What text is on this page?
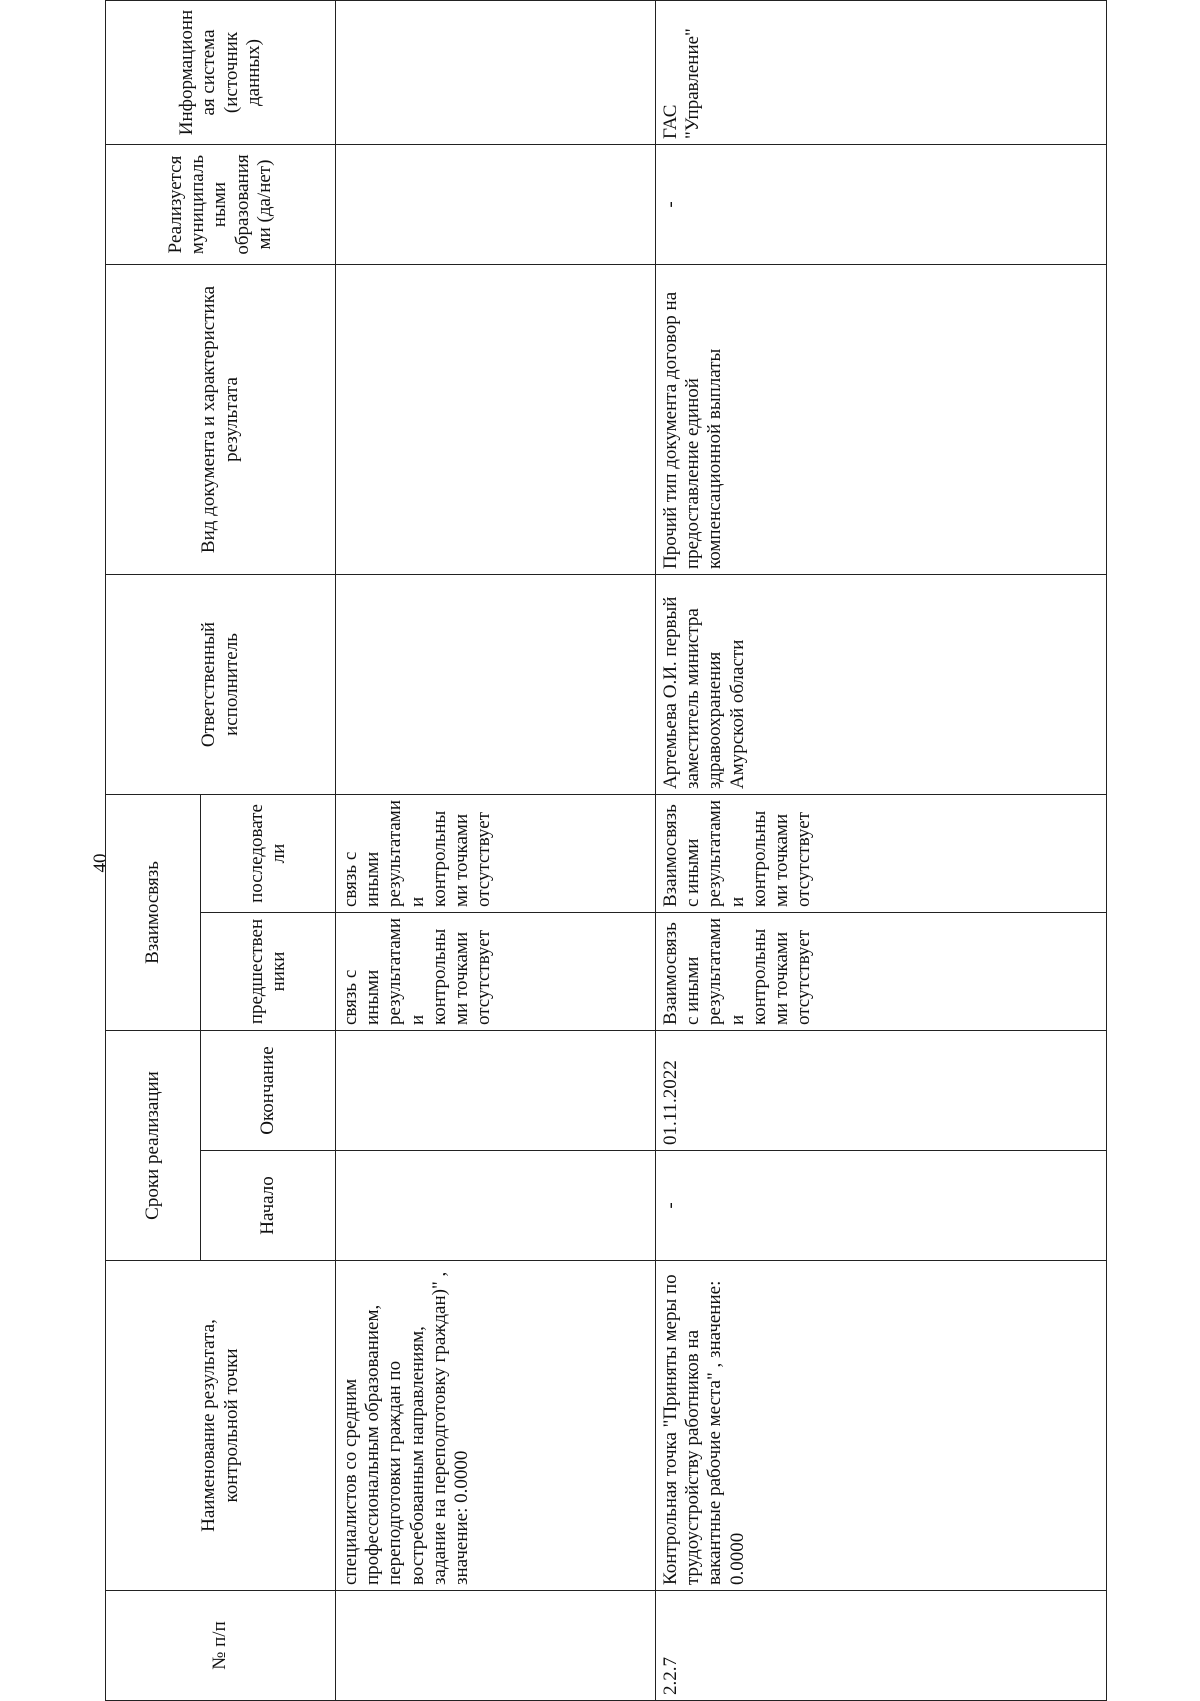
40
№ п/п	Наименование результата, контрольной точки	Сроки реализации		Взаимосвязь		Ответственный исполнитель	Вид документа и характеристика результата	Реализуется муниципальными образованиями (да/нет)	Информационная система (источник данных)
		Начало	Окончание	предшественники	последователи				
	специалистов со средним профессиональным образованием, переподготовки граждан по востребованным направлениям, задание на переподготовку граждан)" , значение: 0.0000			связь с иными результатами и контрольными точками отсутствует	связь с иными результатами и контрольными точками отсутствует				
2.2.7	Контрольная точка "Приняты меры по трудоустройству работников на вакантные рабочие места" , значение: 0.0000	-	01.11.2022	Взаимосвязь с иными результатами и контрольными точками отсутствует	Взаимосвязь с иными результатами и контрольными точками отсутствует	Артемьева О.И. первый заместитель министра здравоохранения Амурской области	Прочий тип документа договор на предоставление единой компенсационной выплаты	-	ГАС "Управление"
